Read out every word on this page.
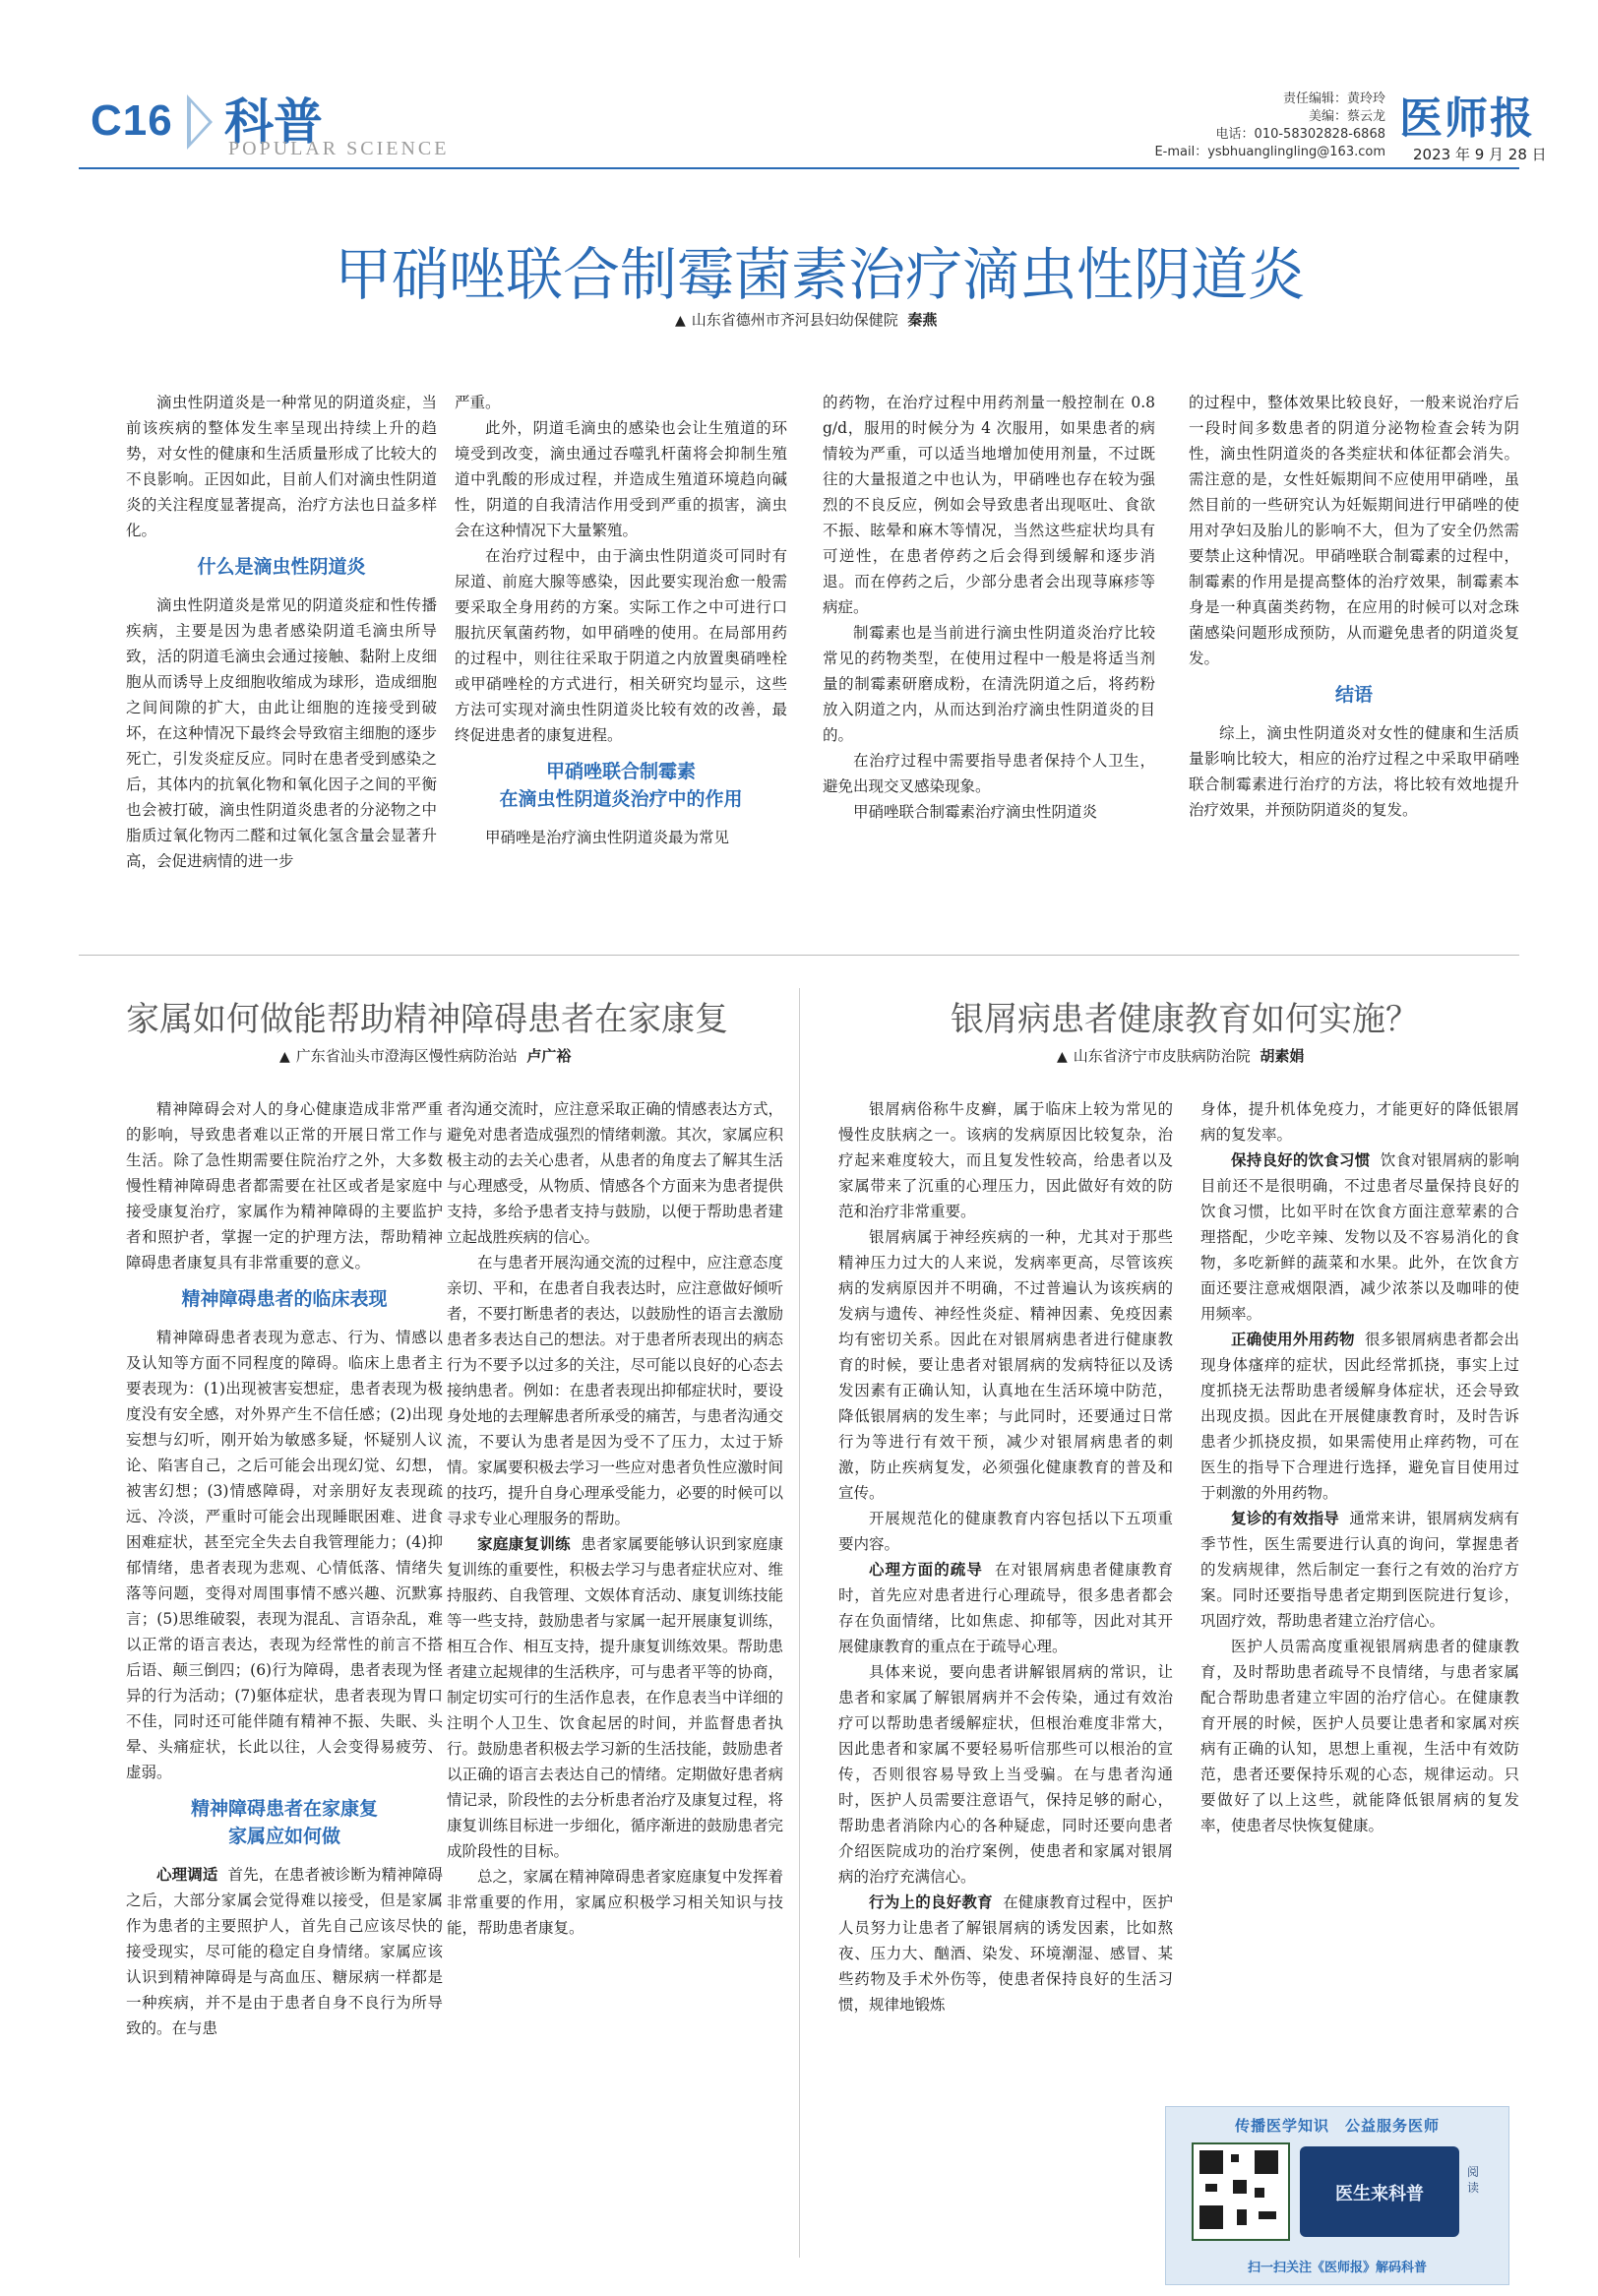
C16 科普
POPULAR SCIENCE
责任编辑：黄玲玲
美编：蔡云龙
电话：010-58302828-6868
E-mail：ysbhuanglingling@163.com
医师报
2023 年 9 月 28 日
甲硝唑联合制霉菌素治疗滴虫性阴道炎
▲ 山东省德州市齐河县妇幼保健院 秦燕

滴虫性阴道炎是一种常见的阴道炎症，当前该疾病的整体发生率呈现出持续上升的趋势，对女性的健康和生活质量形成了比较大的不良影响。正因如此，目前人们对滴虫性阴道炎的关注程度显著提高，治疗方法也日益多样化。

什么是滴虫性阴道炎

滴虫性阴道炎是常见的阴道炎症和性传播疾病，主要是因为患者感染阴道毛滴虫所导致，活的阴道毛滴虫会通过接触、黏附上皮细胞从而诱导上皮细胞收缩成为球形，造成细胞之间间隙的扩大，由此让细胞的连接受到破坏，在这种情况下最终会导致宿主细胞的逐步死亡，引发炎症反应。同时在患者受到感染之后，其体内的抗氧化物和氧化因子之间的平衡也会被打破，滴虫性阴道炎患者的分泌物之中脂质过氧化物丙二醛和过氧化氢含量会显著升高，会促进病情的进一步

严重。

此外，阴道毛滴虫的感染也会让生殖道的环境受到改变，滴虫通过吞噬乳杆菌将会抑制生殖道中乳酸的形成过程，并造成生殖道环境趋向碱性，阴道的自我清洁作用受到严重的损害，滴虫会在这种情况下大量繁殖。

在治疗过程中，由于滴虫性阴道炎可同时有尿道、前庭大腺等感染，因此要实现治愈一般需要采取全身用药的方案。实际工作之中可进行口服抗厌氧菌药物，如甲硝唑的使用。在局部用药的过程中，则往往采取于阴道之内放置奥硝唑栓或甲硝唑栓的方式进行，相关研究均显示，这些方法可实现对滴虫性阴道炎比较有效的改善，最终促进患者的康复进程。

甲硝唑联合制霉素
在滴虫性阴道炎治疗中的作用

甲硝唑是治疗滴虫性阴道炎最为常见

的药物，在治疗过程中用药剂量一般控制在 0.8 g/d，服用的时候分为 4 次服用，如果患者的病情较为严重，可以适当地增加使用剂量，不过既往的大量报道之中也认为，甲硝唑也存在较为强烈的不良反应，例如会导致患者出现呕吐、食欲不振、眩晕和麻木等情况，当然这些症状均具有可逆性，在患者停药之后会得到缓解和逐步消退。而在停药之后，少部分患者会出现荨麻疹等病症。

制霉素也是当前进行滴虫性阴道炎治疗比较常见的药物类型，在使用过程中一般是将适当剂量的制霉素研磨成粉，在清洗阴道之后，将药粉放入阴道之内，从而达到治疗滴虫性阴道炎的目的。

在治疗过程中需要指导患者保持个人卫生，避免出现交叉感染现象。

甲硝唑联合制霉素治疗滴虫性阴道炎

的过程中，整体效果比较良好，一般来说治疗后一段时间多数患者的阴道分泌物检查会转为阴性，滴虫性阴道炎的各类症状和体征都会消失。需注意的是，女性妊娠期间不应使用甲硝唑，虽然目前的一些研究认为妊娠期间进行甲硝唑的使用对孕妇及胎儿的影响不大，但为了安全仍然需要禁止这种情况。甲硝唑联合制霉素的过程中，制霉素的作用是提高整体的治疗效果，制霉素本身是一种真菌类药物，在应用的时候可以对念珠菌感染问题形成预防，从而避免患者的阴道炎复发。

结语

综上，滴虫性阴道炎对女性的健康和生活质量影响比较大，相应的治疗过程之中采取甲硝唑联合制霉素进行治疗的方法，将比较有效地提升治疗效果，并预防阴道炎的复发。

家属如何做能帮助精神障碍患者在家康复
▲ 广东省汕头市澄海区慢性病防治站 卢广裕

精神障碍会对人的身心健康造成非常严重的影响，导致患者难以正常的开展日常工作与生活。除了急性期需要住院治疗之外，大多数慢性精神障碍患者都需要在社区或者是家庭中接受康复治疗，家属作为精神障碍的主要监护者和照护者，掌握一定的护理方法，帮助精神障碍患者康复具有非常重要的意义。

精神障碍患者的临床表现

精神障碍患者表现为意志、行为、情感以及认知等方面不同程度的障碍。临床上患者主要表现为：(1)出现被害妄想症，患者表现为极度没有安全感，对外界产生不信任感；(2)出现妄想与幻听，刚开始为敏感多疑，怀疑别人议论、陷害自己，之后可能会出现幻觉、幻想，被害幻想；(3)情感障碍，对亲朋好友表现疏远、冷淡，严重时可能会出现睡眠困难、进食困难症状，甚至完全失去自我管理能力；(4)抑郁情绪，患者表现为悲观、心情低落、情绪失落等问题，变得对周围事情不感兴趣、沉默寡言；(5)思维破裂，表现为混乱、言语杂乱，难以正常的语言表达，表现为经常性的前言不搭后语、颠三倒四；(6)行为障碍，患者表现为怪异的行为活动；(7)躯体症状，患者表现为胃口不佳，同时还可能伴随有精神不振、失眠、头晕、头痛症状，长此以往，人会变得易疲劳、虚弱。

精神障碍患者在家康复
家属应如何做

心理调适 首先，在患者被诊断为精神障碍之后，大部分家属会觉得难以接受，但是家属作为患者的主要照护人，首先自己应该尽快的接受现实，尽可能的稳定自身情绪。家属应该认识到精神障碍是与高血压、糖尿病一样都是一种疾病，并不是由于患者自身不良行为所导致的。在与患

者沟通交流时，应注意采取正确的情感表达方式，避免对患者造成强烈的情绪刺激。其次，家属应积极主动的去关心患者，从患者的角度去了解其生活与心理感受，从物质、情感各个方面来为患者提供支持，多给予患者支持与鼓励，以便于帮助患者建立起战胜疾病的信心。

在与患者开展沟通交流的过程中，应注意态度亲切、平和，在患者自我表达时，应注意做好倾听者，不要打断患者的表达，以鼓励性的语言去激励患者多表达自己的想法。对于患者所表现出的病态行为不要予以过多的关注，尽可能以良好的心态去接纳患者。例如：在患者表现出抑郁症状时，要设身处地的去理解患者所承受的痛苦，与患者沟通交流，不要认为患者是因为受不了压力，太过于矫情。家属要积极去学习一些应对患者负性应激时间的技巧，提升自身心理承受能力，必要的时候可以寻求专业心理服务的帮助。

家庭康复训练 患者家属要能够认识到家庭康复训练的重要性，积极去学习与患者症状应对、维持服药、自我管理、文娱体育活动、康复训练技能等一些支持，鼓励患者与家属一起开展康复训练，相互合作、相互支持，提升康复训练效果。帮助患者建立起规律的生活秩序，可与患者平等的协商，制定切实可行的生活作息表，在作息表当中详细的注明个人卫生、饮食起居的时间，并监督患者执行。鼓励患者积极去学习新的生活技能，鼓励患者以正确的语言去表达自己的情绪。定期做好患者病情记录，阶段性的去分析患者治疗及康复过程，将康复训练目标进一步细化，循序渐进的鼓励患者完成阶段性的目标。

总之，家属在精神障碍患者家庭康复中发挥着非常重要的作用，家属应积极学习相关知识与技能，帮助患者康复。

银屑病患者健康教育如何实施？
▲ 山东省济宁市皮肤病防治院 胡素娟

银屑病俗称牛皮癣，属于临床上较为常见的慢性皮肤病之一。该病的发病原因比较复杂，治疗起来难度较大，而且复发性较高，给患者以及家属带来了沉重的心理压力，因此做好有效的防范和治疗非常重要。

银屑病属于神经疾病的一种，尤其对于那些精神压力过大的人来说，发病率更高，尽管该疾病的发病原因并不明确，不过普遍认为该疾病的发病与遗传、神经性炎症、精神因素、免疫因素均有密切关系。因此在对银屑病患者进行健康教育的时候，要让患者对银屑病的发病特征以及诱发因素有正确认知，认真地在生活环境中防范，降低银屑病的发生率；与此同时，还要通过日常行为等进行有效干预，减少对银屑病患者的刺激，防止疾病复发，必须强化健康教育的普及和宣传。

开展规范化的健康教育内容包括以下五项重要内容。

心理方面的疏导 在对银屑病患者健康教育时，首先应对患者进行心理疏导，很多患者都会存在负面情绪，比如焦虑、抑郁等，因此对其开展健康教育的重点在于疏导心理。

具体来说，要向患者讲解银屑病的常识，让患者和家属了解银屑病并不会传染，通过有效治疗可以帮助患者缓解症状，但根治难度非常大，因此患者和家属不要轻易听信那些可以根治的宣传，否则很容易导致上当受骗。在与患者沟通时，医护人员需要注意语气，保持足够的耐心，帮助患者消除内心的各种疑虑，同时还要向患者介绍医院成功的治疗案例，使患者和家属对银屑病的治疗充满信心。

行为上的良好教育 在健康教育过程中，医护人员努力让患者了解银屑病的诱发因素，比如熬夜、压力大、酗酒、染发、环境潮湿、感冒、某些药物及手术外伤等，使患者保持良好的生活习惯，规律地锻炼

身体，提升机体免疫力，才能更好的降低银屑病的复发率。

保持良好的饮食习惯 饮食对银屑病的影响目前还不是很明确，不过患者尽量保持良好的饮食习惯，比如平时在饮食方面注意荤素的合理搭配，少吃辛辣、发物以及不容易消化的食物，多吃新鲜的蔬菜和水果。此外，在饮食方面还要注意戒烟限酒，减少浓茶以及咖啡的使用频率。

正确使用外用药物 很多银屑病患者都会出现身体瘙痒的症状，因此经常抓挠，事实上过度抓挠无法帮助患者缓解身体症状，还会导致出现皮损。因此在开展健康教育时，及时告诉患者少抓挠皮损，如果需使用止痒药物，可在医生的指导下合理进行选择，避免盲目使用过于刺激的外用药物。

复诊的有效指导 通常来讲，银屑病发病有季节性，医生需要进行认真的询问，掌握患者的发病规律，然后制定一套行之有效的治疗方案。同时还要指导患者定期到医院进行复诊，巩固疗效，帮助患者建立治疗信心。

医护人员需高度重视银屑病患者的健康教育，及时帮助患者疏导不良情绪，与患者家属配合帮助患者建立牢固的治疗信心。在健康教育开展的时候，医护人员要让患者和家属对疾病有正确的认知，思想上重视，生活中有效防范，患者还要保持乐观的心态，规律运动。只要做好了以上这些，就能降低银屑病的复发率，使患者尽快恢复健康。

传播医学知识　公益服务医师
医生来科普
阅读
扫一扫关注《医师报》解码科普
